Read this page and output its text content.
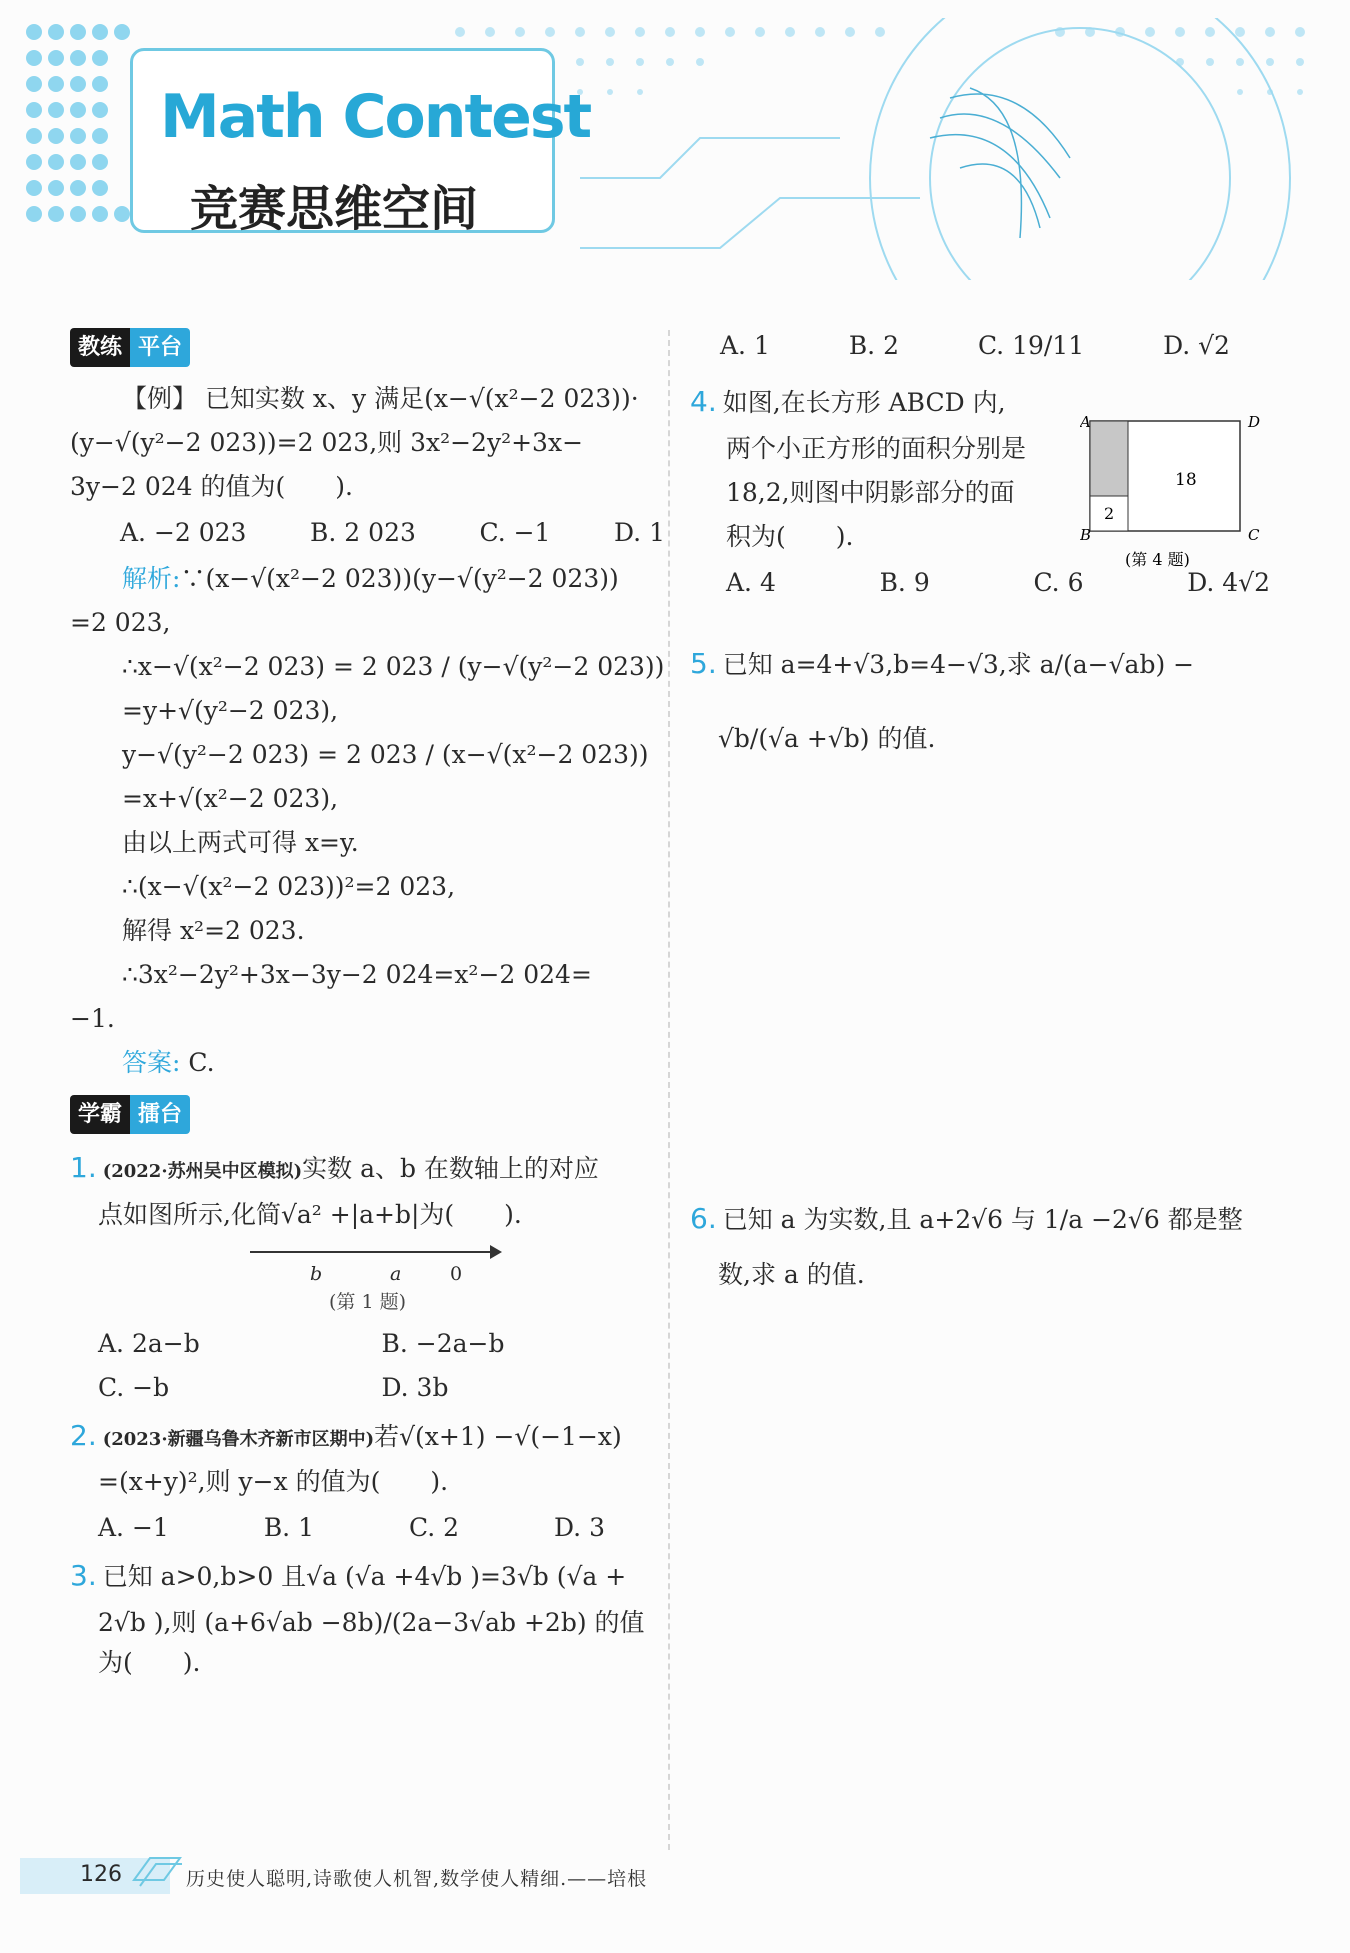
Math Contest
竞赛思维空间
教练 平台
【例】 已知实数 x、y 满足(x−√(x²−2 023))·
(y−√(y²−2 023))=2 023,则 3x²−2y²+3x−
3y−2 024 的值为(　　).
A. −2 023	B. 2 023	C. −1	D. 1
解析:∵(x−√(x²−2 023))(y−√(y²−2 023))
=2 023,
∴x−√(x²−2 023) = 2 023 / (y−√(y²−2 023))
=y+√(y²−2 023),
y−√(y²−2 023) = 2 023 / (x−√(x²−2 023))
=x+√(x²−2 023),
由以上两式可得 x=y.
∴(x−√(x²−2 023))²=2 023,
解得 x²=2 023.
∴3x²−2y²+3x−3y−2 024=x²−2 024=
−1.
答案: C.
学霸 擂台
1. (2022·苏州吴中区模拟)实数 a、b 在数轴上的对应
点如图所示,化简√a² +|a+b|为(　　).
b	a	0
(第 1 题)
A. 2a−b	B. −2a−b
C. −b	D. 3b
2. (2023·新疆乌鲁木齐新市区期中)若√(x+1) −√(−1−x)
=(x+y)²,则 y−x 的值为(　　).
A. −1	B. 1	C. 2	D. 3
3. 已知 a>0,b>0 且√a (√a +4√b )=3√b (√a +
2√b ),则 (a+6√ab −8b)/(2a−3√ab +2b) 的值为(　　).
A. 1	B. 2	C. 19/11	D. √2
4. 如图,在长方形 ABCD 内,
两个小正方形的面积分别是
18,2,则图中阴影部分的面
积为(　　).
A. 4	B. 9	C. 6	D. 4√2
A	D
B	C
18
2
(第 4 题)
5. 已知 a=4+√3,b=4−√3,求 a/(a−√ab) −
√b/(√a +√b) 的值.
6. 已知 a 为实数,且 a+2√6 与 1/a −2√6 都是整
数,求 a 的值.
126	历史使人聪明,诗歌使人机智,数学使人精细.——培根
